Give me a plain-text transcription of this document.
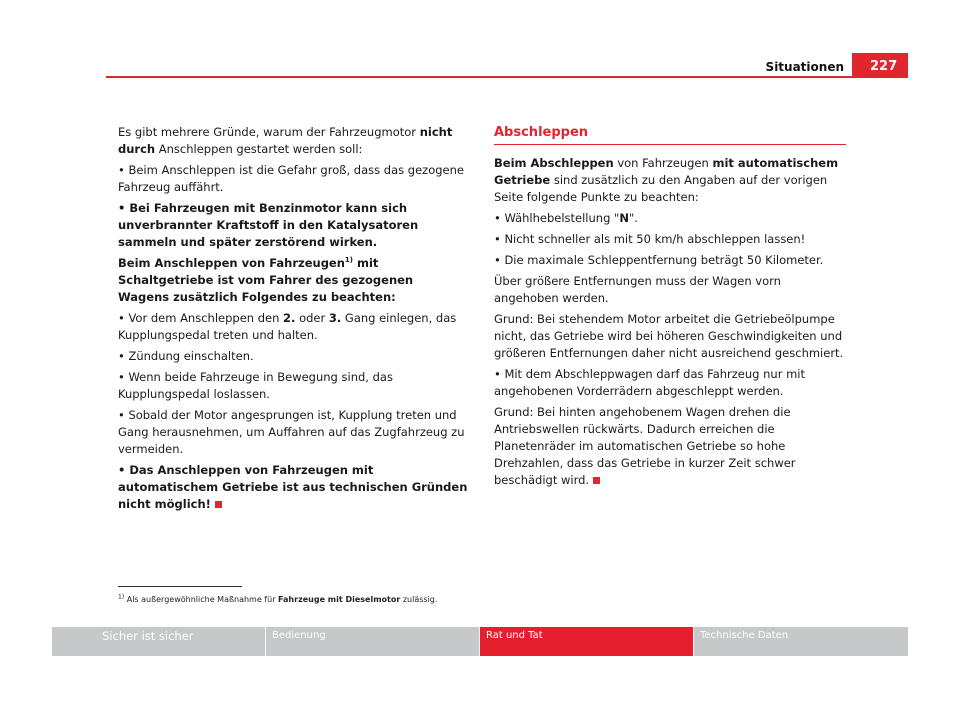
Situationen	227

Es gibt mehrere Gründe, warum der Fahrzeugmotor nicht durch Anschleppen gestartet werden soll:

• Beim Anschleppen ist die Gefahr groß, dass das gezogene Fahrzeug auffährt.

• Bei Fahrzeugen mit Benzinmotor kann sich unverbrannter Kraftstoff in den Katalysatoren sammeln und später zerstörend wirken.

Beim Anschleppen von Fahrzeugen$^{1)}$ mit Schaltgetriebe ist vom Fahrer des gezogenen Wagens zusätzlich Folgendes zu beachten:

• Vor dem Anschleppen den 2. oder 3. Gang einlegen, das Kupplungspedal treten und halten.

• Zündung einschalten.

• Wenn beide Fahrzeuge in Bewegung sind, das Kupplungspedal loslassen.

• Sobald der Motor angesprungen ist, Kupplung treten und Gang herausnehmen, um Auffahren auf das Zugfahrzeug zu vermeiden.

• Das Anschleppen von Fahrzeugen mit automatischem Getriebe ist aus technischen Gründen nicht möglich!

Abschleppen

Beim Abschleppen von Fahrzeugen mit automatischem Getriebe sind zusätzlich zu den Angaben auf der vorigen Seite folgende Punkte zu beachten:

• Wählhebelstellung "N".

• Nicht schneller als mit 50 km/h abschleppen lassen!

• Die maximale Schleppentfernung beträgt 50 Kilometer.

Über größere Entfernungen muss der Wagen vorn angehoben werden.

Grund: Bei stehendem Motor arbeitet die Getriebeölpumpe nicht, das Getriebe wird bei höheren Geschwindigkeiten und größeren Entfernungen daher nicht ausreichend geschmiert.

• Mit dem Abschleppwagen darf das Fahrzeug nur mit angehobenen Vorderrädern abgeschleppt werden.

Grund: Bei hinten angehobenem Wagen drehen die Antriebswellen rückwärts. Dadurch erreichen die Planetenräder im automatischen Getriebe so hohe Drehzahlen, dass das Getriebe in kurzer Zeit schwer beschädigt wird.

$^{1)}$ Als außergewöhnliche Maßnahme für Fahrzeuge mit Dieselmotor zulässig.
Sicher ist sicher	Bedienung	Rat und Tat	Technische Daten
